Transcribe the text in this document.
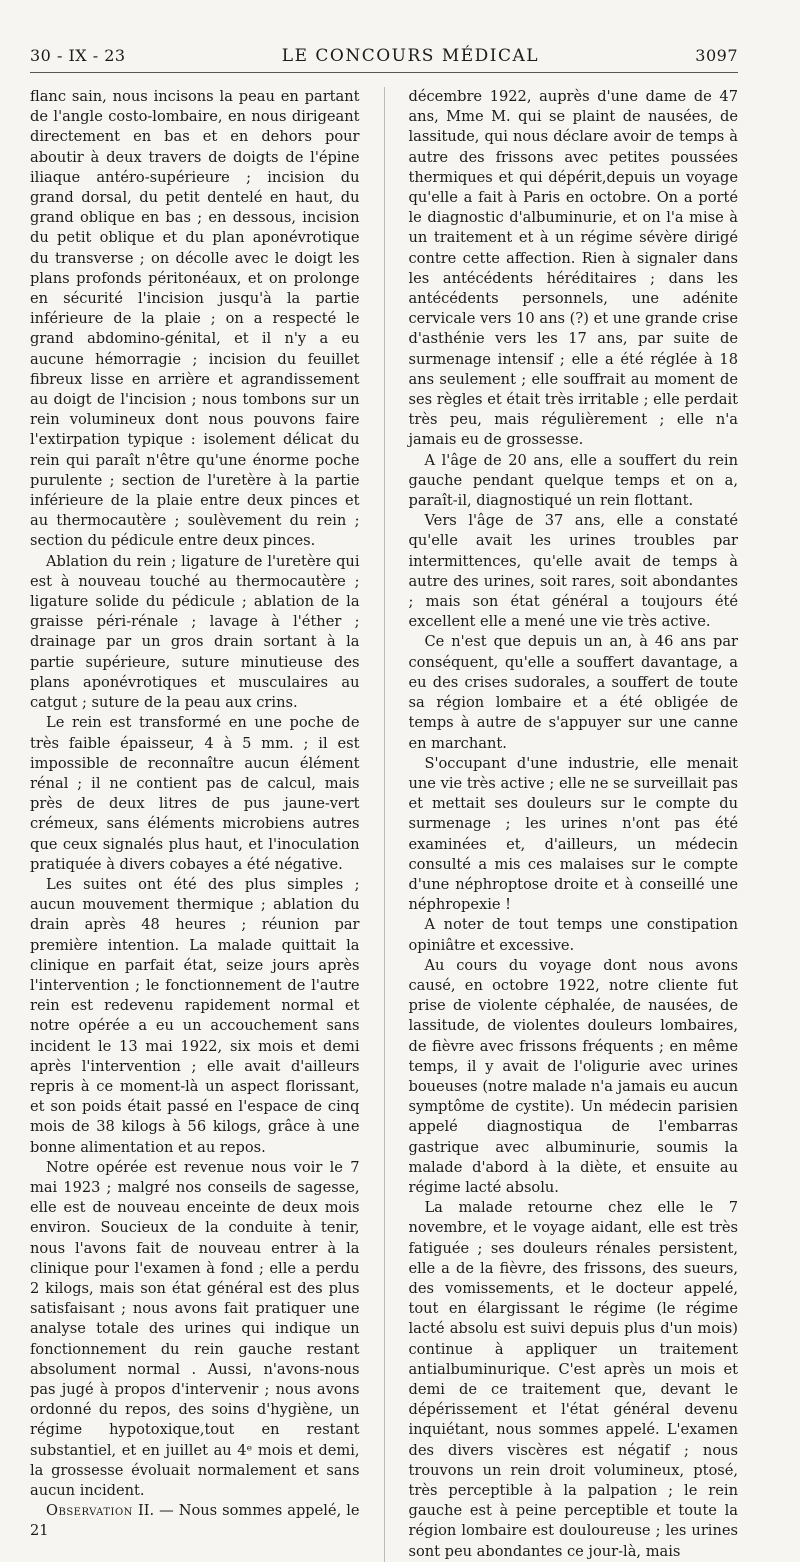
30 - IX - 23	LE CONCOURS MÉDICAL	3097

flanc sain, nous incisons la peau en partant de l'angle costo-lombaire, en nous dirigeant directement en bas et en dehors pour aboutir à deux travers de doigts de l'épine iliaque antéro-supérieure ; incision du grand dorsal, du petit dentelé en haut, du grand oblique en bas ; en dessous, incision du petit oblique et du plan aponévrotique du transverse ; on décolle avec le doigt les plans profonds péritonéaux, et on prolonge en sécurité l'incision jusqu'à la partie inférieure de la plaie ; on a respecté le grand abdomino-génital, et il n'y a eu aucune hémorragie ; incision du feuillet fibreux lisse en arrière et agrandissement au doigt de l'incision ; nous tombons sur un rein volumineux dont nous pouvons faire l'extirpation typique : isolement délicat du rein qui paraît n'être qu'une énorme poche purulente ; section de l'uretère à la partie inférieure de la plaie entre deux pinces et au thermocautère ; soulèvement du rein ; section du pédicule entre deux pinces.

Ablation du rein ; ligature de l'uretère qui est à nouveau touché au thermocautère ; ligature solide du pédicule ; ablation de la graisse péri-rénale ; lavage à l'éther ; drainage par un gros drain sortant à la partie supérieure, suture minutieuse des plans aponévrotiques et musculaires au catgut ; suture de la peau aux crins.

Le rein est transformé en une poche de très faible épaisseur, 4 à 5 mm. ; il est impossible de reconnaître aucun élément rénal ; il ne contient pas de calcul, mais près de deux litres de pus jaune-vert crémeux, sans éléments microbiens autres que ceux signalés plus haut, et l'inoculation pratiquée à divers cobayes a été négative.

Les suites ont été des plus simples ; aucun mouvement thermique ; ablation du drain après 48 heures ; réunion par première intention. La malade quittait la clinique en parfait état, seize jours après l'intervention ; le fonctionnement de l'autre rein est redevenu rapidement normal et notre opérée a eu un accouchement sans incident le 13 mai 1922, six mois et demi après l'intervention ; elle avait d'ailleurs repris à ce moment-là un aspect florissant, et son poids était passé en l'espace de cinq mois de 38 kilogs à 56 kilogs, grâce à une bonne alimentation et au repos.

Notre opérée est revenue nous voir le 7 mai 1923 ; malgré nos conseils de sagesse, elle est de nouveau enceinte de deux mois environ. Soucieux de la conduite à tenir, nous l'avons fait de nouveau entrer à la clinique pour l'examen à fond ; elle a perdu 2 kilogs, mais son état général est des plus satisfaisant ; nous avons fait pratiquer une analyse totale des urines qui indique un fonctionnement du rein gauche restant absolument normal . Aussi, n'avons-nous pas jugé à propos d'intervenir ; nous avons ordonné du repos, des soins d'hygiène, un régime hypotoxique,tout en restant substantiel, et en juillet au 4ᵉ mois et demi, la grossesse évoluait normalement et sans aucun incident.

Observation II. — Nous sommes appelé, le 21

décembre 1922, auprès d'une dame de 47 ans, Mme M. qui se plaint de nausées, de lassitude, qui nous déclare avoir de temps à autre des frissons avec petites poussées thermiques et qui dépérit,depuis un voyage qu'elle a fait à Paris en octobre. On a porté le diagnostic d'albuminurie, et on l'a mise à un traitement et à un régime sévère dirigé contre cette affection. Rien à signaler dans les antécédents héréditaires ; dans les antécédents personnels, une adénite cervicale vers 10 ans (?) et une grande crise d'asthénie vers les 17 ans, par suite de surmenage intensif ; elle a été réglée à 18 ans seulement ; elle souffrait au moment de ses règles et était très irritable ; elle perdait très peu, mais régulièrement ; elle n'a jamais eu de grossesse.

A l'âge de 20 ans, elle a souffert du rein gauche pendant quelque temps et on a, paraît-il, diagnostiqué un rein flottant.

Vers l'âge de 37 ans, elle a constaté qu'elle avait les urines troubles par intermittences, qu'elle avait de temps à autre des urines, soit rares, soit abondantes ; mais son état général a toujours été excellent elle a mené une vie très active.

Ce n'est que depuis un an, à 46 ans par conséquent, qu'elle a souffert davantage, a eu des crises sudorales, a souffert de toute sa région lombaire et a été obligée de temps à autre de s'appuyer sur une canne en marchant.

S'occupant d'une industrie, elle menait une vie très active ; elle ne se surveillait pas et mettait ses douleurs sur le compte du surmenage ; les urines n'ont pas été examinées et, d'ailleurs, un médecin consulté a mis ces malaises sur le compte d'une néphroptose droite et à conseillé une néphropexie !

A noter de tout temps une constipation opiniâtre et excessive.

Au cours du voyage dont nous avons causé, en octobre 1922, notre cliente fut prise de violente céphalée, de nausées, de lassitude, de violentes douleurs lombaires, de fièvre avec frissons fréquents ; en même temps, il y avait de l'oligurie avec urines boueuses (notre malade n'a jamais eu aucun symptôme de cystite). Un médecin parisien appelé diagnostiqua de l'embarras gastrique avec albuminurie, soumis la malade d'abord à la diète, et ensuite au régime lacté absolu.

La malade retourne chez elle le 7 novembre, et le voyage aidant, elle est très fatiguée ; ses douleurs rénales persistent, elle a de la fièvre, des frissons, des sueurs, des vomissements, et le docteur appelé, tout en élargissant le régime (le régime lacté absolu est suivi depuis plus d'un mois) continue à appliquer un traitement antialbuminurique. C'est après un mois et demi de ce traitement que, devant le dépérissement et l'état général devenu inquiétant, nous sommes appelé. L'examen des divers viscères est négatif ; nous trouvons un rein droit volumineux, ptosé, très perceptible à la palpation ; le rein gauche est à peine perceptible et toute la région lombaire est douloureuse ; les urines sont peu abondantes ce jour-là, mais
